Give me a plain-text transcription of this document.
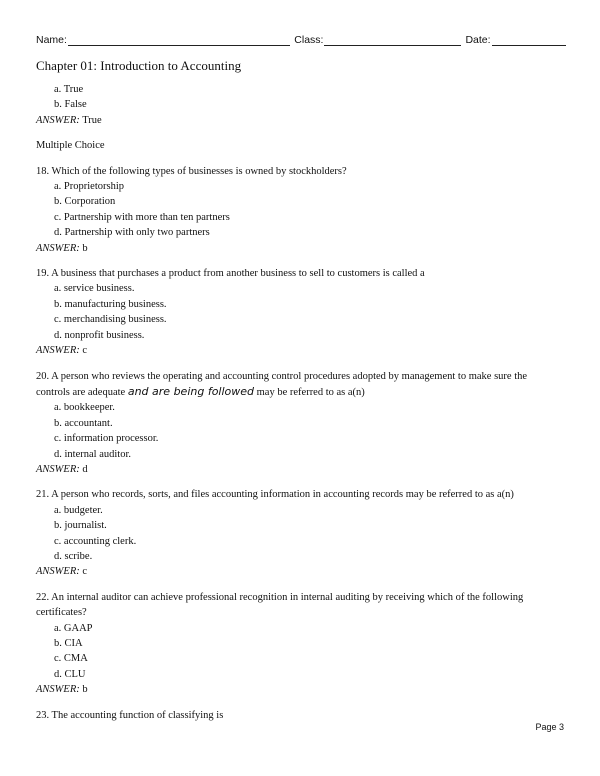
Name:	Class:	Date:
Chapter 01: Introduction to Accounting
a. True
b. False
ANSWER: True
Multiple Choice
18. Which of the following types of businesses is owned by stockholders?
a. Proprietorship
b. Corporation
c. Partnership with more than ten partners
d. Partnership with only two partners
ANSWER: b
19. A business that purchases a product from another business to sell to customers is called a
a. service business.
b. manufacturing business.
c. merchandising business.
d. nonprofit business.
ANSWER: c
20. A person who reviews the operating and accounting control procedures adopted by management to make sure the
controls are adequate and are being followed may be referred to as a(n)
a. bookkeeper.
b. accountant.
c. information processor.
d. internal auditor.
ANSWER: d
21. A person who records, sorts, and files accounting information in accounting records may be referred to as a(n)
a. budgeter.
b. journalist.
c. accounting clerk.
d. scribe.
ANSWER: c
22. An internal auditor can achieve professional recognition in internal auditing by receiving which of the following
certificates?
a. GAAP
b. CIA
c. CMA
d. CLU
ANSWER: b
23. The accounting function of classifying is
Page 3
